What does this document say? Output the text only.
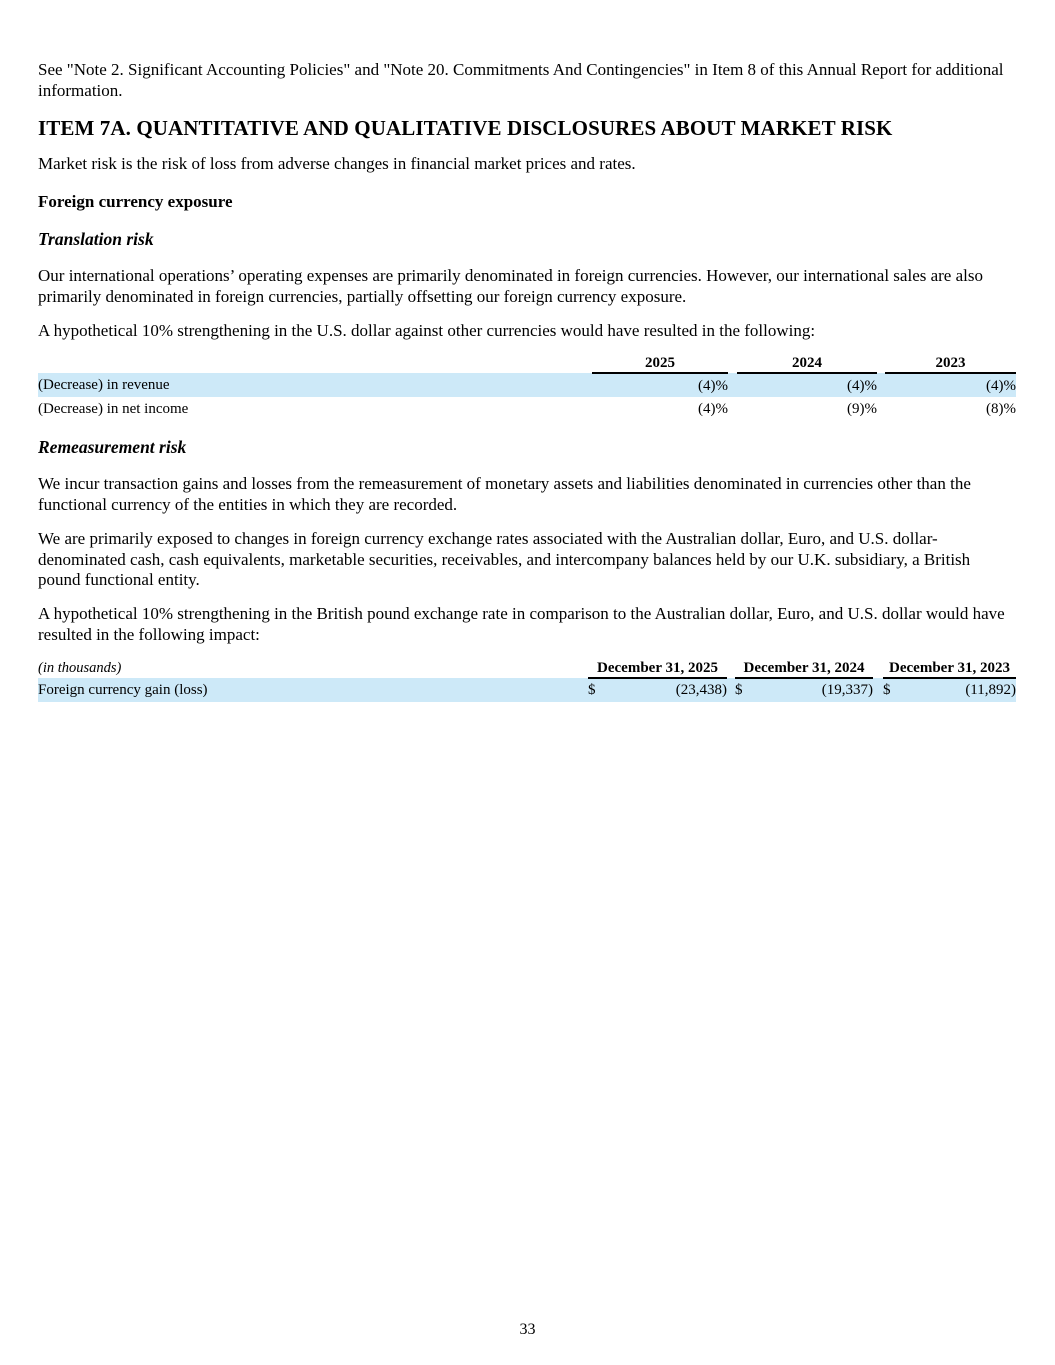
See "Note 2. Significant Accounting Policies" and "Note 20. Commitments And Contingencies" in Item 8 of this Annual Report for additional information.

ITEM 7A. QUANTITATIVE AND QUALITATIVE DISCLOSURES ABOUT MARKET RISK

Market risk is the risk of loss from adverse changes in financial market prices and rates.

Foreign currency exposure
Translation risk

Our international operations’ operating expenses are primarily denominated in foreign currencies. However, our international sales are also primarily denominated in foreign currencies, partially offsetting our foreign currency exposure.

A hypothetical 10% strengthening in the U.S. dollar against other currencies would have resulted in the following:

	2025		2024		2023
(Decrease) in revenue	(4)%		(4)%		(4)%
(Decrease) in net income	(4)%		(9)%		(8)%
Remeasurement risk

We incur transaction gains and losses from the remeasurement of monetary assets and liabilities denominated in currencies other than the functional currency of the entities in which they are recorded.

We are primarily exposed to changes in foreign currency exchange rates associated with the Australian dollar, Euro, and U.S. dollar-denominated cash, cash equivalents, marketable securities, receivables, and intercompany balances held by our U.K. subsidiary, a British pound functional entity.

A hypothetical 10% strengthening in the British pound exchange rate in comparison to the Australian dollar, Euro, and U.S. dollar would have resulted in the following impact:

(in thousands)	December 31, 2025			December 31, 2024			December 31, 2023	
Foreign currency gain (loss)	$	(23,438)		$	(19,337)		$	(11,892)
33
